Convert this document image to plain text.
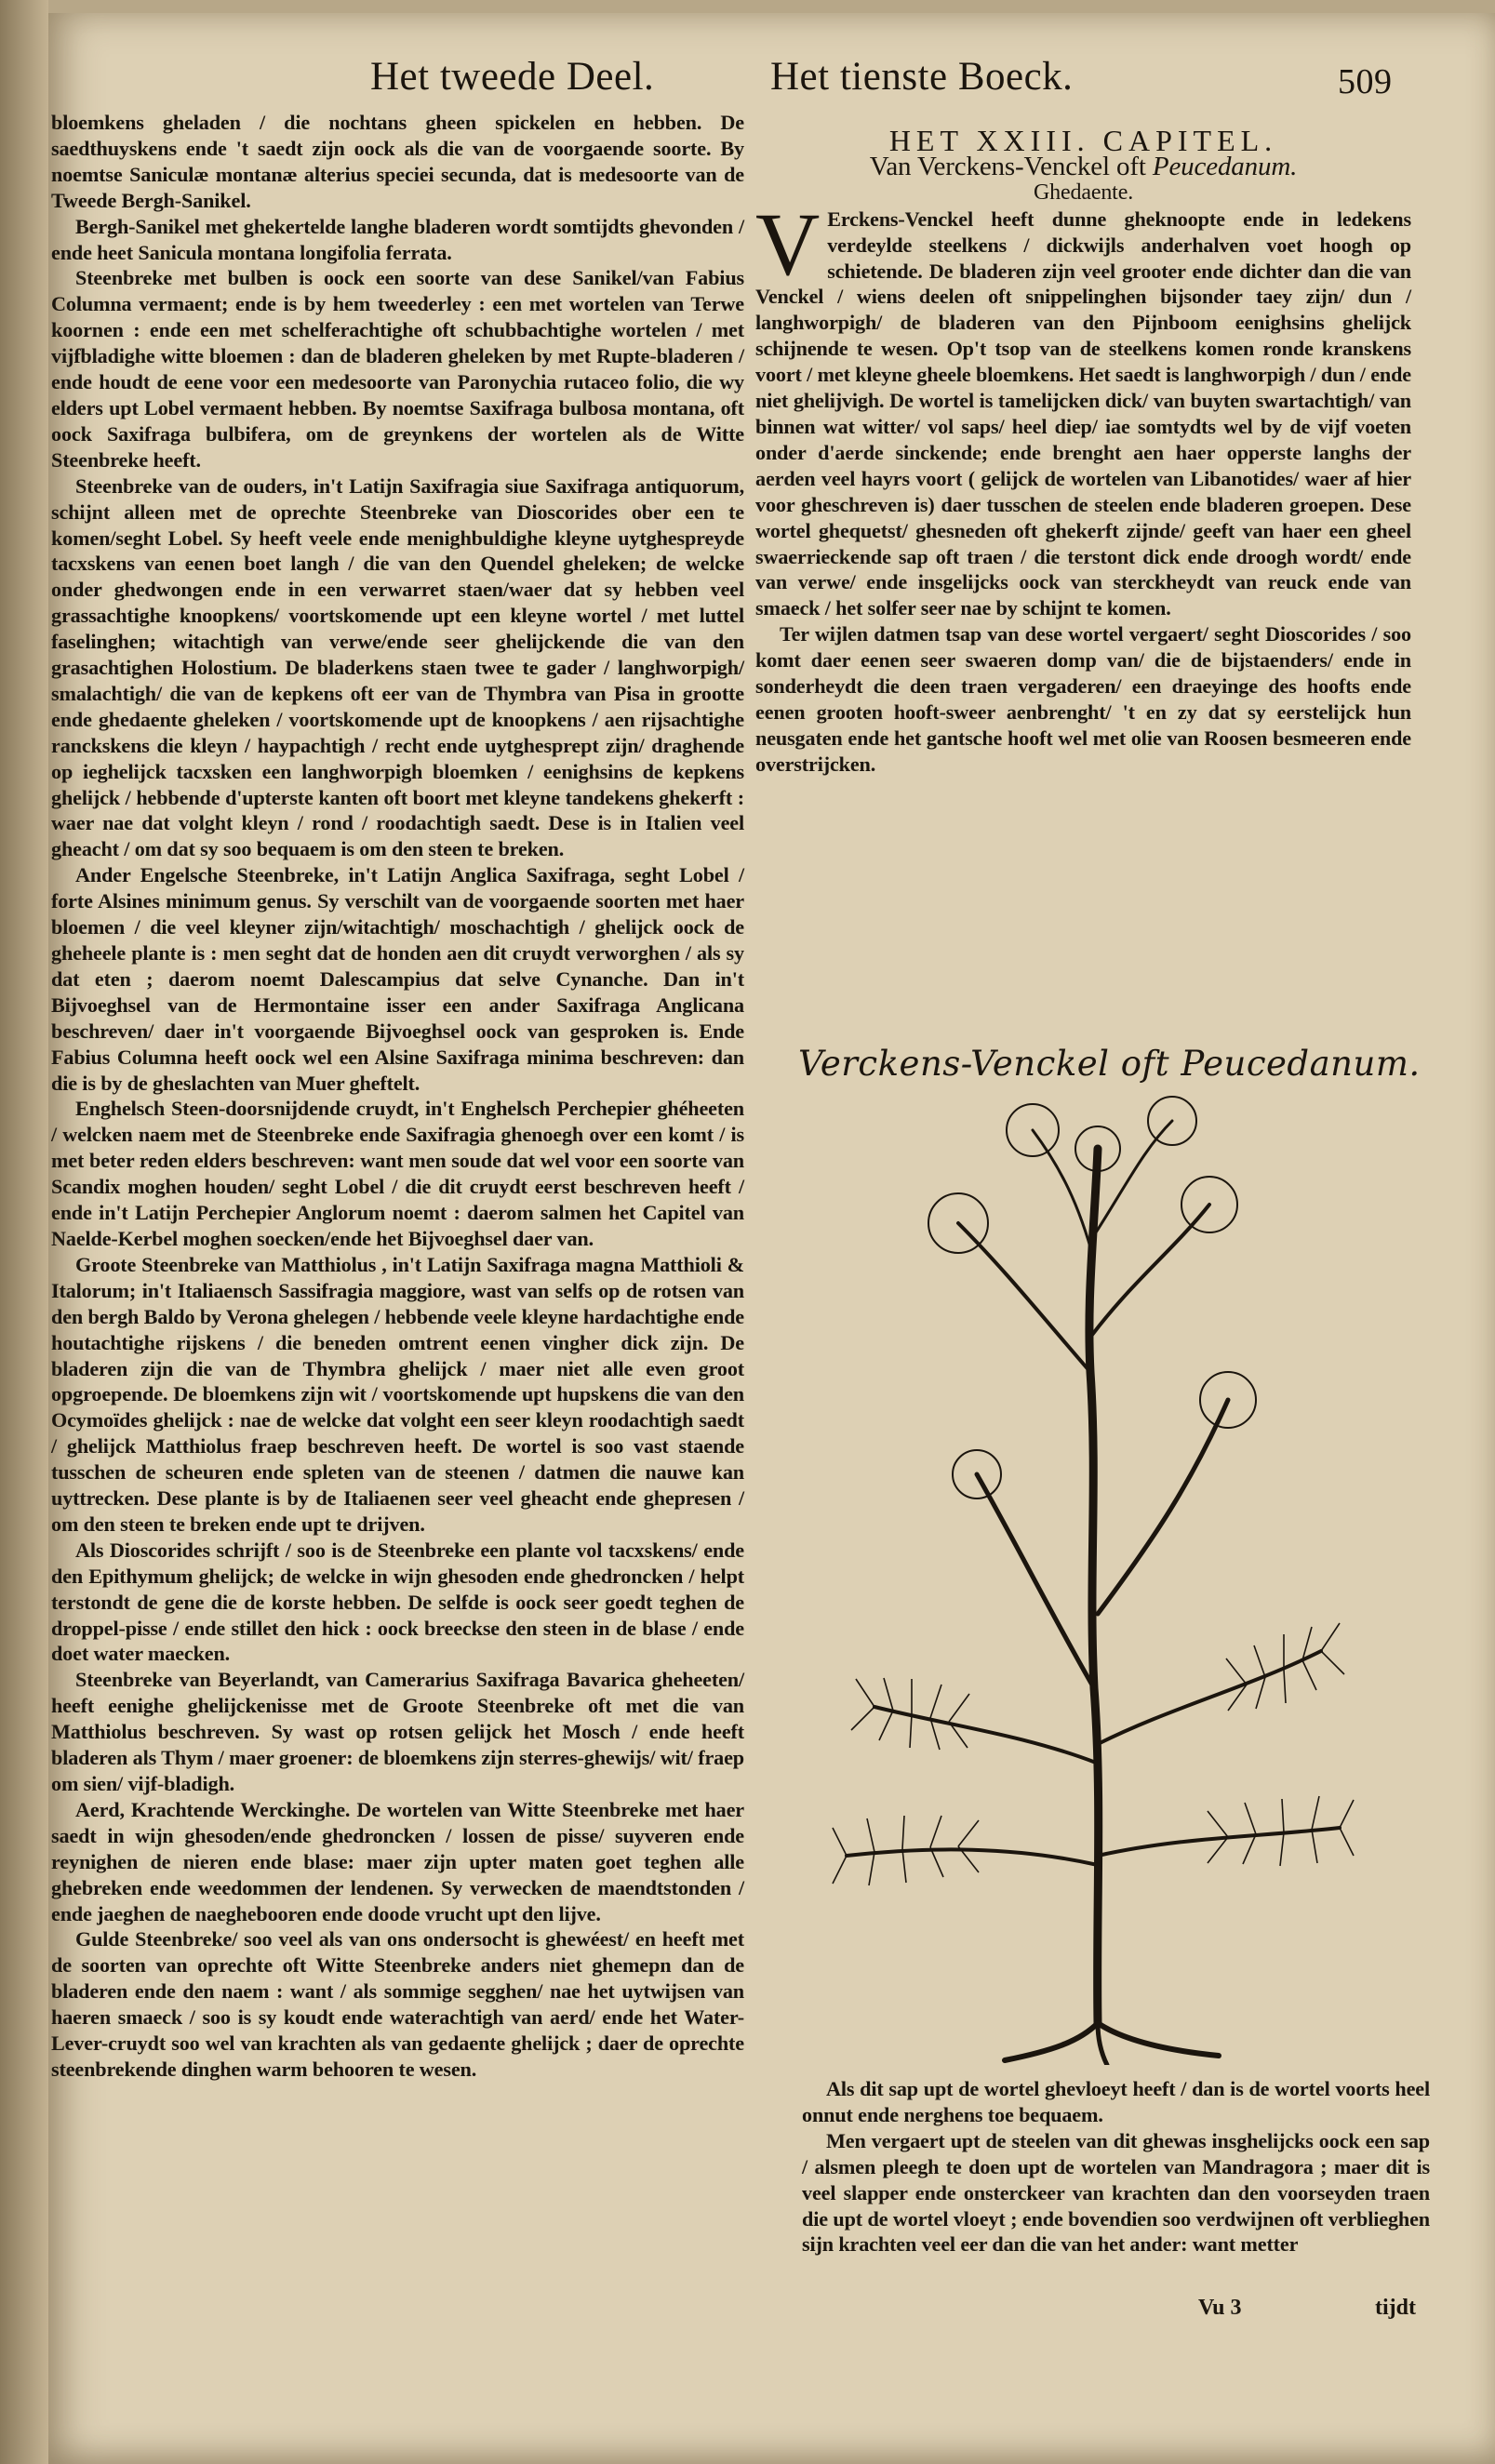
Het tweede Deel.	Het tienste Boeck.	509

bloemkens gheladen / die nochtans gheen spickelen en hebben. De saedthuyskens ende 't saedt zijn oock als die van de voorgaende soorte. By noemtse Saniculæ montanæ alterius speciei secunda, dat is medesoorte van de Tweede Bergh-Sanikel.

Bergh-Sanikel met ghekertelde langhe bladeren wordt somtijdts ghevonden / ende heet Sanicula montana longifolia ferrata.

Steenbreke met bulben is oock een soorte van dese Sanikel/van Fabius Columna vermaent; ende is by hem tweederley : een met wortelen van Terwe koornen : ende een met schelferachtighe oft schubbachtighe wortelen / met vijfbladighe witte bloemen : dan de bladeren gheleken by met Rupte-bladeren / ende houdt de eene voor een medesoorte van Paronychia rutaceo folio, die wy elders upt Lobel vermaent hebben. By noemtse Saxifraga bulbosa montana, oft oock Saxifraga bulbifera, om de greynkens der wortelen als de Witte Steenbreke heeft.

Steenbreke van de ouders, in't Latijn Saxifragia siue Saxifraga antiquorum, schijnt alleen met de oprechte Steenbreke van Dioscorides ober een te komen/seght Lobel. Sy heeft veele ende menighbuldighe kleyne uytghespreyde tacxskens van eenen boet langh / die van den Quendel gheleken; de welcke onder ghedwongen ende in een verwarret staen/waer dat sy hebben veel grassachtighe knoopkens/ voortskomende upt een kleyne wortel / met luttel faselinghen; witachtigh van verwe/ende seer ghelijckende die van den grasachtighen Holostium. De bladerkens staen twee te gader / langhworpigh/ smalachtigh/ die van de kepkens oft eer van de Thymbra van Pisa in grootte ende ghedaente gheleken / voortskomende upt de knoopkens / aen rijsachtighe ranckskens die kleyn / haypachtigh / recht ende uytghesprept zijn/ draghende op ieghelijck tacxsken een langhworpigh bloemken / eenighsins de kepkens ghelijck / hebbende d'upterste kanten oft boort met kleyne tandekens ghekerft : waer nae dat volght kleyn / rond / roodachtigh saedt. Dese is in Italien veel gheacht / om dat sy soo bequaem is om den steen te breken.

Ander Engelsche Steenbreke, in't Latijn Anglica Saxifraga, seght Lobel / forte Alsines minimum genus. Sy verschilt van de voorgaende soorten met haer bloemen / die veel kleyner zijn/witachtigh/ moschachtigh / ghelijck oock de gheheele plante is : men seght dat de honden aen dit cruydt verworghen / als sy dat eten ; daerom noemt Dalescampius dat selve Cynanche. Dan in't Bijvoeghsel van de Hermontaine isser een ander Saxifraga Anglicana beschreven/ daer in't voorgaende Bijvoeghsel oock van gesproken is. Ende Fabius Columna heeft oock wel een Alsine Saxifraga minima beschreven: dan die is by de gheslachten van Muer gheftelt.

Enghelsch Steen-doorsnijdende cruydt, in't Enghelsch Perchepier ghéheeten / welcken naem met de Steenbreke ende Saxifragia ghenoegh over een komt / is met beter reden elders beschreven: want men soude dat wel voor een soorte van Scandix moghen houden/ seght Lobel / die dit cruydt eerst beschreven heeft / ende in't Latijn Perchepier Anglorum noemt : daerom salmen het Capitel van Naelde-Kerbel moghen soecken/ende het Bijvoeghsel daer van.

Groote Steenbreke van Matthiolus , in't Latijn Saxifraga magna Matthioli & Italorum; in't Italiaensch Sassifragia maggiore, wast van selfs op de rotsen van den bergh Baldo by Verona ghelegen / hebbende veele kleyne hardachtighe ende houtachtighe rijskens / die beneden omtrent eenen vingher dick zijn. De bladeren zijn die van de Thymbra ghelijck / maer niet alle even groot opgroepende. De bloemkens zijn wit / voortskomende upt hupskens die van den Ocymoïdes ghelijck : nae de welcke dat volght een seer kleyn roodachtigh saedt / ghelijck Matthiolus fraep beschreven heeft. De wortel is soo vast staende tusschen de scheuren ende spleten van de steenen / datmen die nauwe kan uyttrecken. Dese plante is by de Italiaenen seer veel gheacht ende ghepresen / om den steen te breken ende upt te drijven.

Als Dioscorides schrijft / soo is de Steenbreke een plante vol tacxskens/ ende den Epithymum ghelijck; de welcke in wijn ghesoden ende ghedroncken / helpt terstondt de gene die de korste hebben. De selfde is oock seer goedt teghen de droppel-pisse / ende stillet den hick : oock breeckse den steen in de blase / ende doet water maecken.

Steenbreke van Beyerlandt, van Camerarius Saxifraga Bavarica gheheeten/ heeft eenighe ghelijckenisse met de Groote Steenbreke oft met die van Matthiolus beschreven. Sy wast op rotsen gelijck het Mosch / ende heeft bladeren als Thym / maer groener: de bloemkens zijn sterres-ghewijs/ wit/ fraep om sien/ vijf-bladigh.

Aerd, Krachtende Werckinghe. De wortelen van Witte Steenbreke met haer saedt in wijn ghesoden/ende ghedroncken / lossen de pisse/ suyveren ende reynighen de nieren ende blase: maer zijn upter maten goet teghen alle ghebreken ende weedommen der lendenen. Sy verwecken de maendtstonden / ende jaeghen de naeghebooren ende doode vrucht upt den lijve.

Gulde Steenbreke/ soo veel als van ons ondersocht is ghewéest/ en heeft met de soorten van oprechte oft Witte Steenbreke anders niet ghemepn dan de bladeren ende den naem : want / als sommige segghen/ nae het uytwijsen van haeren smaeck / soo is sy koudt ende waterachtigh van aerd/ ende het Water-Lever-cruydt soo wel van krachten als van gedaente ghelijck ; daer de oprechte steenbrekende dinghen warm behooren te wesen.

HET XXIII. CAPITEL.

Van Verckens-Venckel oft Peucedanum.

Ghedaente.

V Erckens-Venckel heeft dunne gheknoopte ende in ledekens verdeylde steelkens / dickwijls anderhalven voet hoogh op schietende. De bladeren zijn veel grooter ende dichter dan die van Venckel / wiens deelen oft snippelinghen bijsonder taey zijn/ dun / langhworpigh/ de bladeren van den Pijnboom eenighsins ghelijck schijnende te wesen. Op't tsop van de steelkens komen ronde kranskens voort / met kleyne gheele bloemkens. Het saedt is langhworpigh / dun / ende niet ghelijvigh. De wortel is tamelijcken dick/ van buyten swartachtigh/ van binnen wat witter/ vol saps/ heel diep/ iae somtydts wel by de vijf voeten onder d'aerde sinckende; ende brenght aen haer opperste langhs der aerden veel hayrs voort ( gelijck de wortelen van Libanotides/ waer af hier voor gheschreven is) daer tusschen de steelen ende bladeren groepen. Dese wortel ghequetst/ ghesneden oft ghekerft zijnde/ geeft van haer een gheel swaerrieckende sap oft traen / die terstont dick ende droogh wordt/ ende van verwe/ ende insgelijcks oock van sterckheydt van reuck ende van smaeck / het solfer seer nae by schijnt te komen.

Ter wijlen datmen tsap van dese wortel vergaert/ seght Dioscorides / soo komt daer eenen seer swaeren domp van/ die de bijstaenders/ ende in sonderheydt die deen traen vergaderen/ een draeyinge des hoofts ende eenen grooten hooft-sweer aenbrenght/ 't en zy dat sy eerstelijck hun neusgaten ende het gantsche hooft wel met olie van Roosen besmeeren ende overstrijcken.

Verckens-Venckel oft Peucedanum.

Als dit sap upt de wortel ghevloeyt heeft / dan is de wortel voorts heel onnut ende nerghens toe bequaem.

Men vergaert upt de steelen van dit ghewas insghelijcks oock een sap / alsmen pleegh te doen upt de wortelen van Mandragora ; maer dit is veel slapper ende onsterckeer van krachten dan den voorseyden traen die upt de wortel vloeyt ; ende bovendien soo verdwijnen oft verblieghen sijn krachten veel eer dan die van het ander: want metter

Vu 3	tijdt
